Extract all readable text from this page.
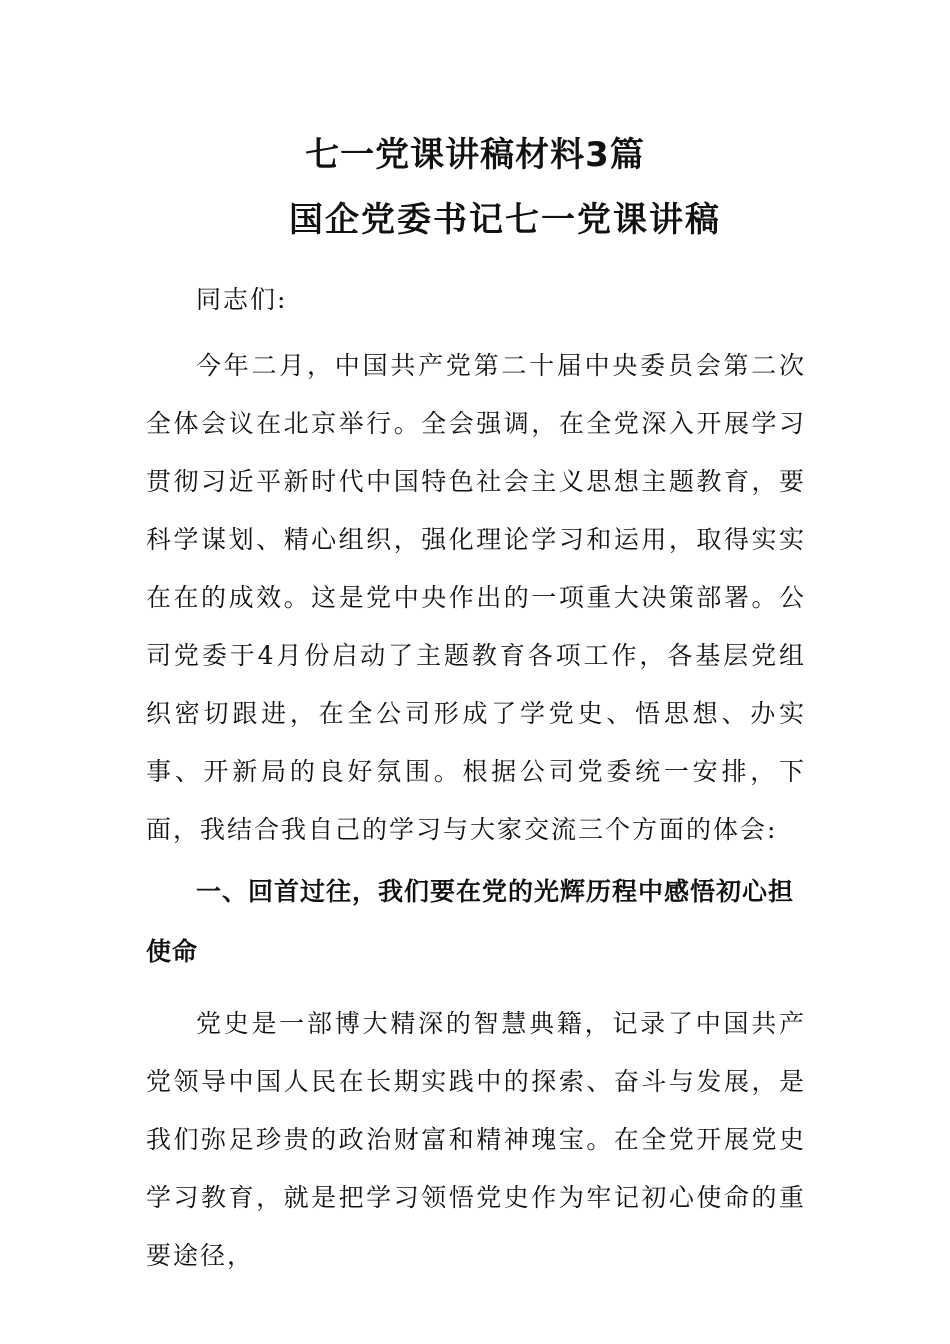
七一党课讲稿材料3篇
国企党委书记七一党课讲稿

同志们:

今年二月，中国共产党第二十届中央委员会第二次全体会议在北京举行。全会强调，在全党深入开展学习贯彻习近平新时代中国特色社会主义思想主题教育，要科学谋划、精心组织，强化理论学习和运用，取得实实在在的成效。这是党中央作出的一项重大决策部署。公司党委于4月份启动了主题教育各项工作，各基层党组织密切跟进，在全公司形成了学党史、悟思想、办实事、开新局的良好氛围。根据公司党委统一安排，下面，我结合我自己的学习与大家交流三个方面的体会:

一、回首过往，我们要在党的光辉历程中感悟初心担使命

党史是一部博大精深的智慧典籍，记录了中国共产党领导中国人民在长期实践中的探索、奋斗与发展，是我们弥足珍贵的政治财富和精神瑰宝。在全党开展党史学习教育，就是把学习领悟党史作为牢记初心使命的重要途径，
